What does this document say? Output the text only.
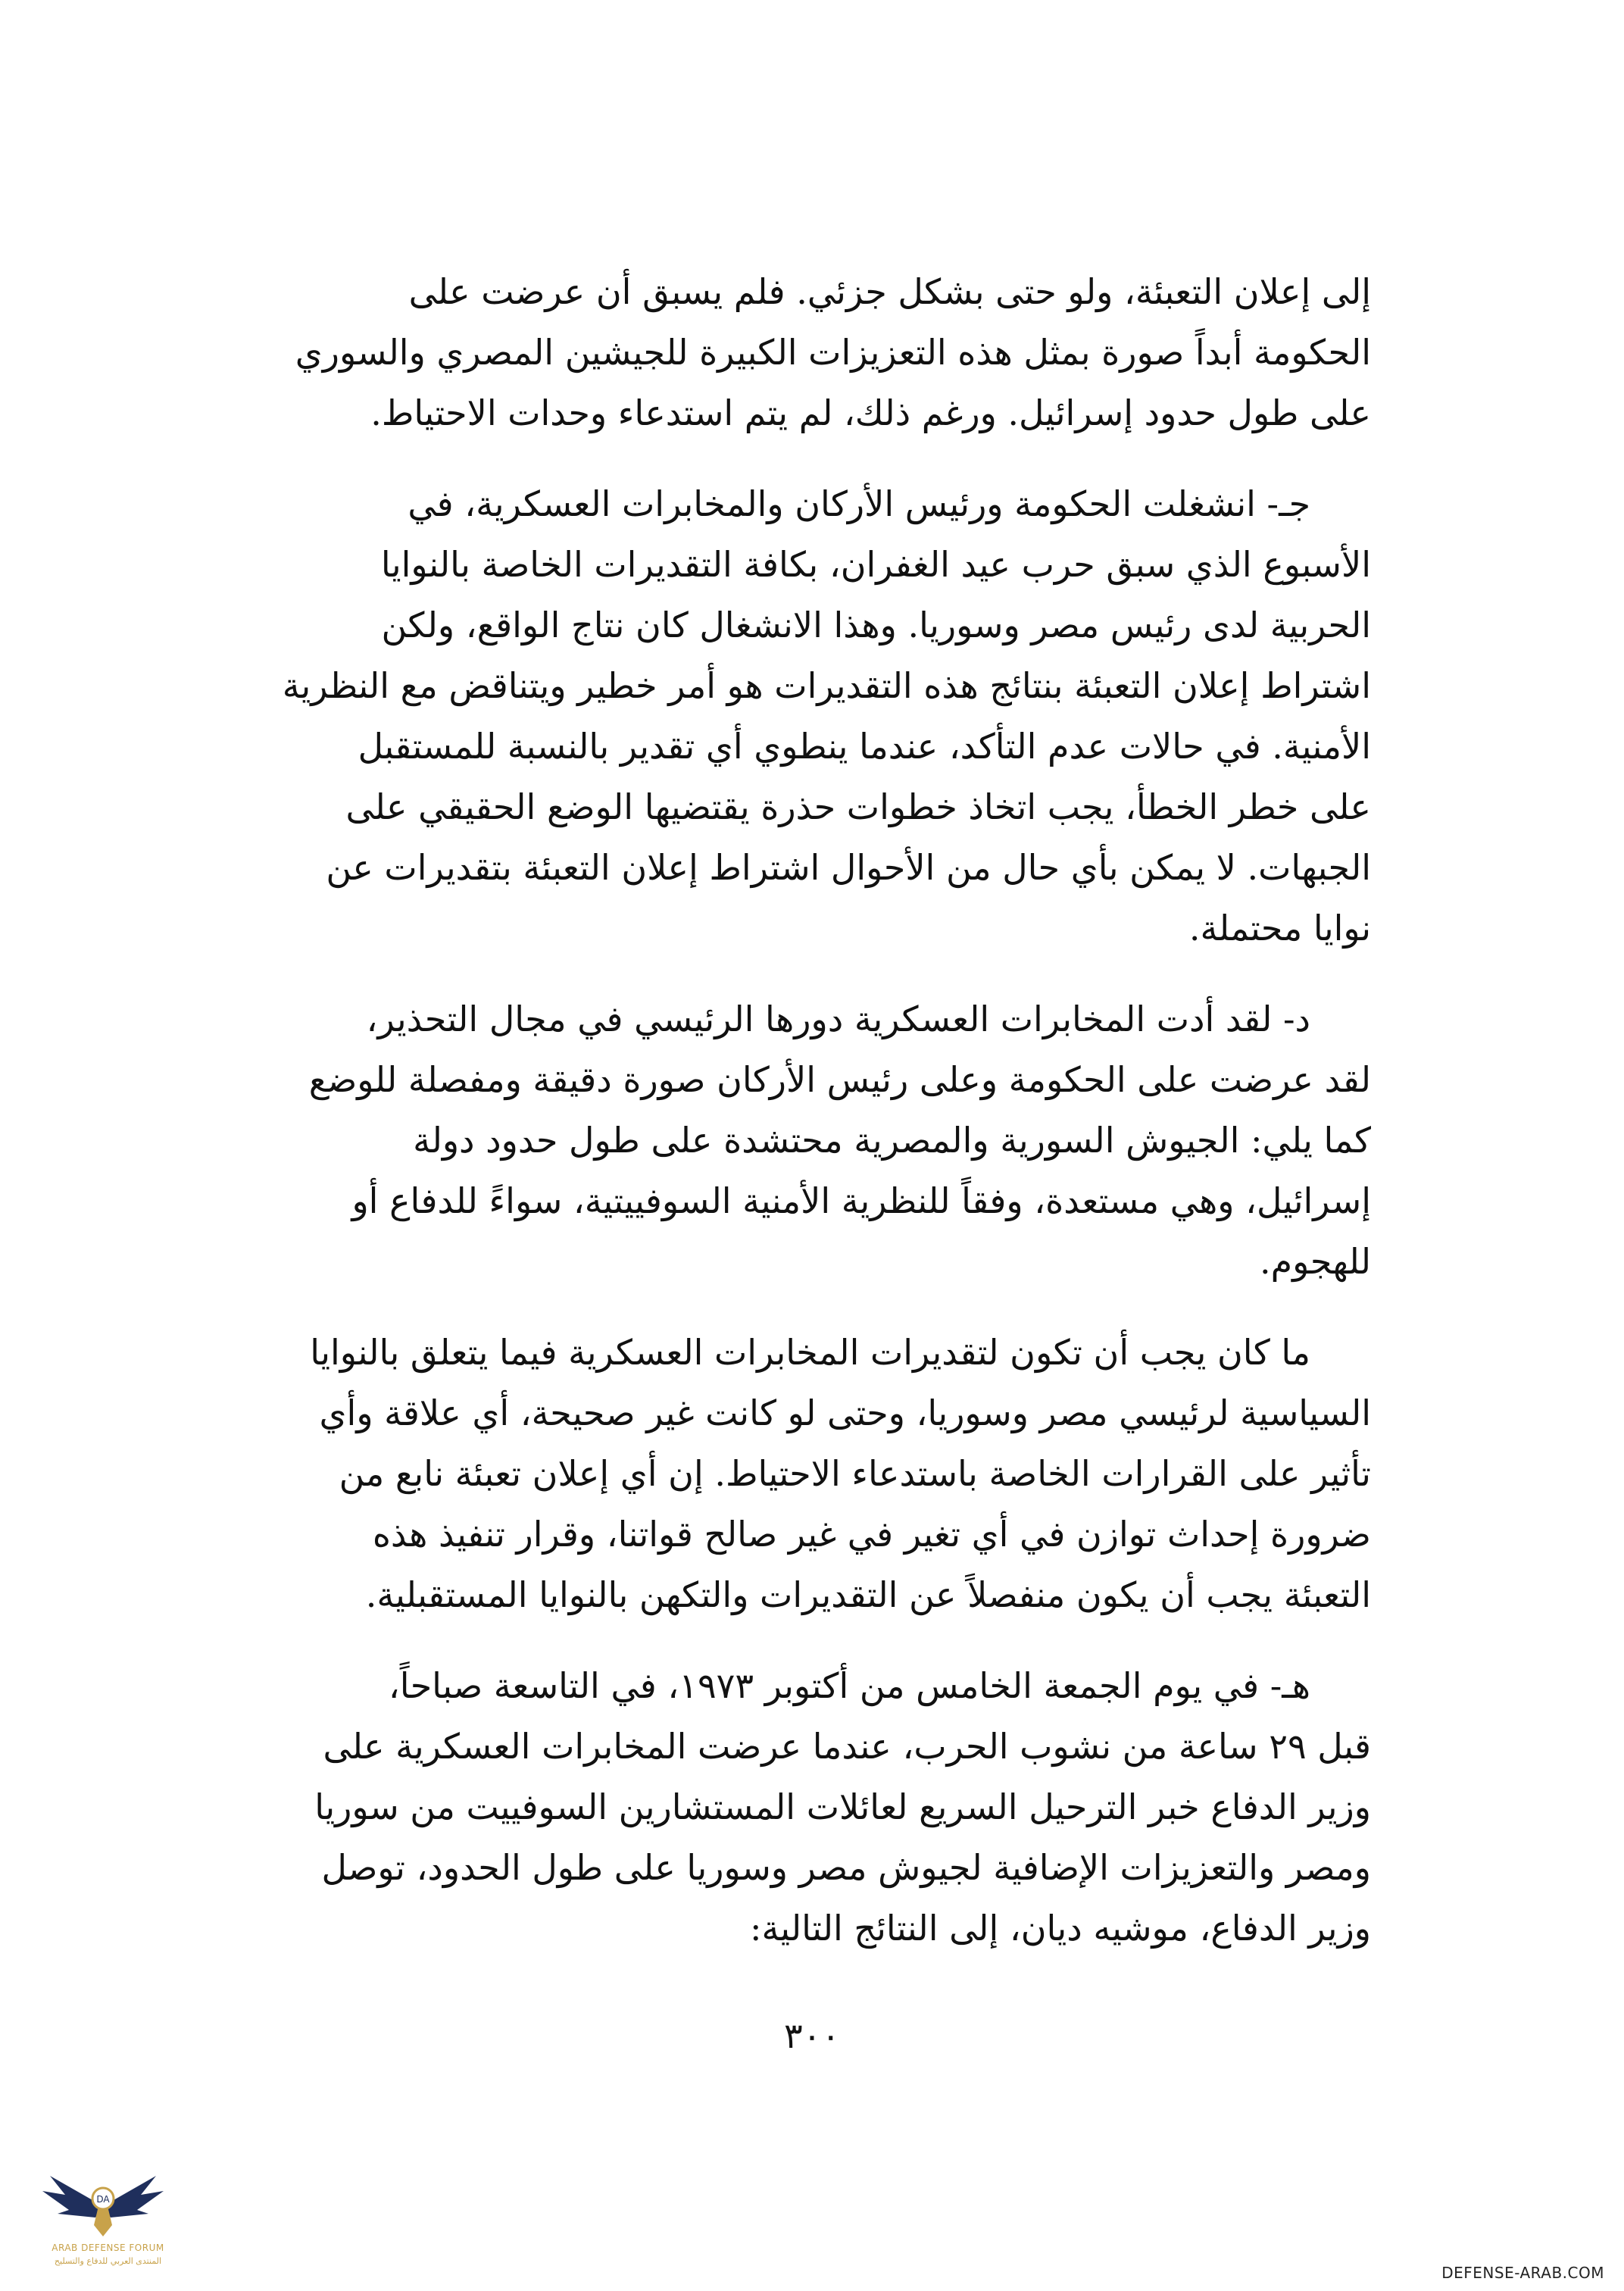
إلى إعلان التعبئة، ولو حتى بشكل جزئي. فلم يسبق أن عرضت على
الحكومة أبداً صورة بمثل هذه التعزيزات الكبيرة للجيشين المصري والسوري
على طول حدود إسرائيل. ورغم ذلك، لم يتم استدعاء وحدات الاحتياط.

جـ- انشغلت الحكومة ورئيس الأركان والمخابرات العسكرية، في
الأسبوع الذي سبق حرب عيد الغفران، بكافة التقديرات الخاصة بالنوايا
الحربية لدى رئيس مصر وسوريا. وهذا الانشغال كان نتاج الواقع، ولكن
اشتراط إعلان التعبئة بنتائج هذه التقديرات هو أمر خطير ويتناقض مع النظرية
الأمنية. في حالات عدم التأكد، عندما ينطوي أي تقدير بالنسبة للمستقبل
على خطر الخطأ، يجب اتخاذ خطوات حذرة يقتضيها الوضع الحقيقي على
الجبهات. لا يمكن بأي حال من الأحوال اشتراط إعلان التعبئة بتقديرات عن
نوايا محتملة.

د- لقد أدت المخابرات العسكرية دورها الرئيسي في مجال التحذير،
لقد عرضت على الحكومة وعلى رئيس الأركان صورة دقيقة ومفصلة للوضع
كما يلي: الجيوش السورية والمصرية محتشدة على طول حدود دولة
إسرائيل، وهي مستعدة، وفقاً للنظرية الأمنية السوفييتية، سواءً للدفاع أو
للهجوم.

ما كان يجب أن تكون لتقديرات المخابرات العسكرية فيما يتعلق بالنوايا
السياسية لرئيسي مصر وسوريا، وحتى لو كانت غير صحيحة، أي علاقة وأي
تأثير على القرارات الخاصة باستدعاء الاحتياط. إن أي إعلان تعبئة نابع من
ضرورة إحداث توازن في أي تغير في غير صالح قواتنا، وقرار تنفيذ هذه
التعبئة يجب أن يكون منفصلاً عن التقديرات والتكهن بالنوايا المستقبلية.

هـ- في يوم الجمعة الخامس من أكتوبر ١٩٧٣، في التاسعة صباحاً،
قبل ٢٩ ساعة من نشوب الحرب، عندما عرضت المخابرات العسكرية على
وزير الدفاع خبر الترحيل السريع لعائلات المستشارين السوفييت من سوريا
ومصر والتعزيزات الإضافية لجيوش مصر وسوريا على طول الحدود، توصل
وزير الدفاع، موشيه ديان، إلى النتائج التالية:

٣٠٠
DA
ARAB DEFENSE FORUM
المنتدى العربي للدفاع والتسليح
DEFENSE-ARAB.COM
